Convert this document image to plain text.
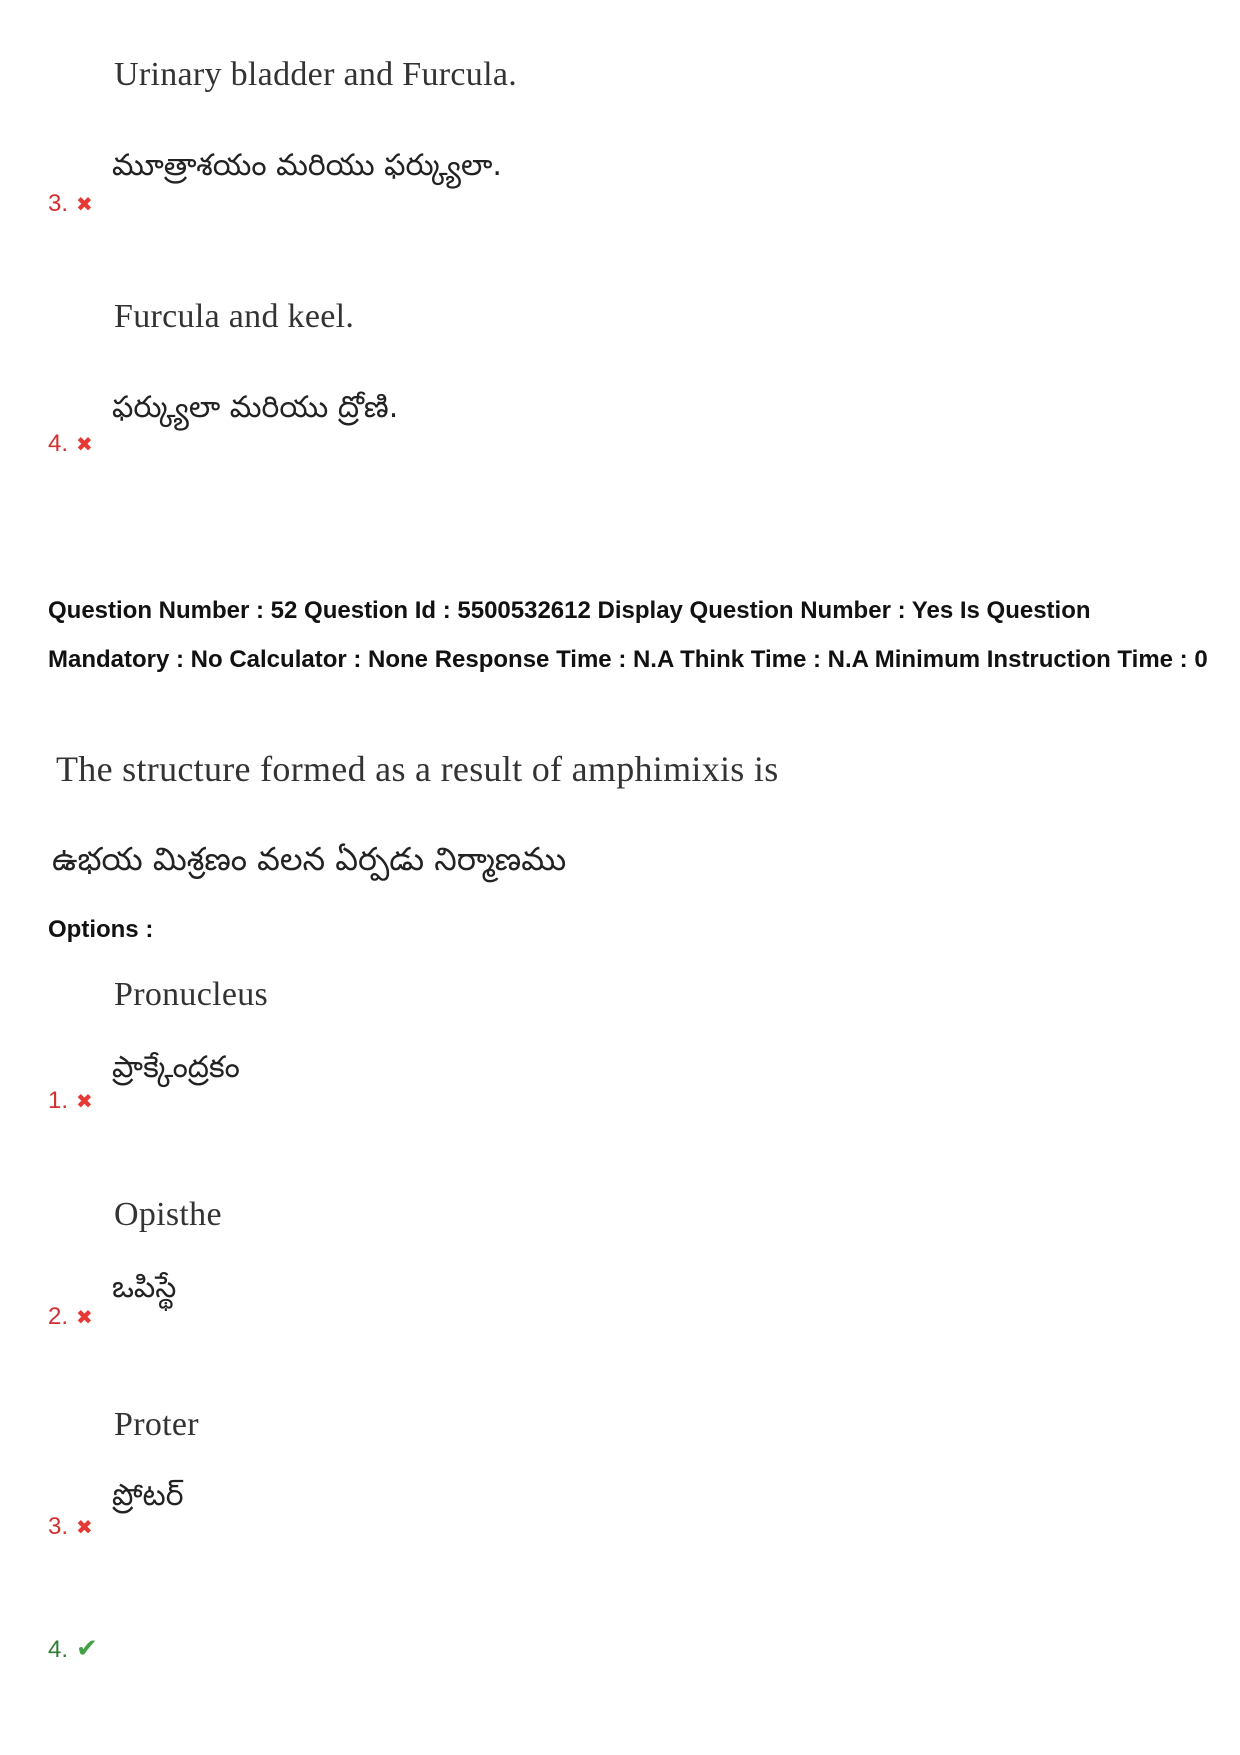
Urinary bladder and Furcula.
మూత్రాశయం మరియు ఫర్క్యులా.
3. ✖
Furcula and keel.
ఫర్క్యులా మరియు ద్రోణి.
4. ✖
Question Number : 52 Question Id : 5500532612 Display Question Number : Yes Is Question Mandatory : No Calculator : None Response Time : N.A Think Time : N.A Minimum Instruction Time : 0
The structure formed as a result of amphimixis is
ఉభయ మిశ్రణం వలన ఏర్పడు నిర్మాణము
Options :
Pronucleus
ప్రాక్కేంద్రకం
1. ✖
Opisthe
ఒపిస్థే
2. ✖
Proter
ప్రోటర్
3. ✖
4. ✔
